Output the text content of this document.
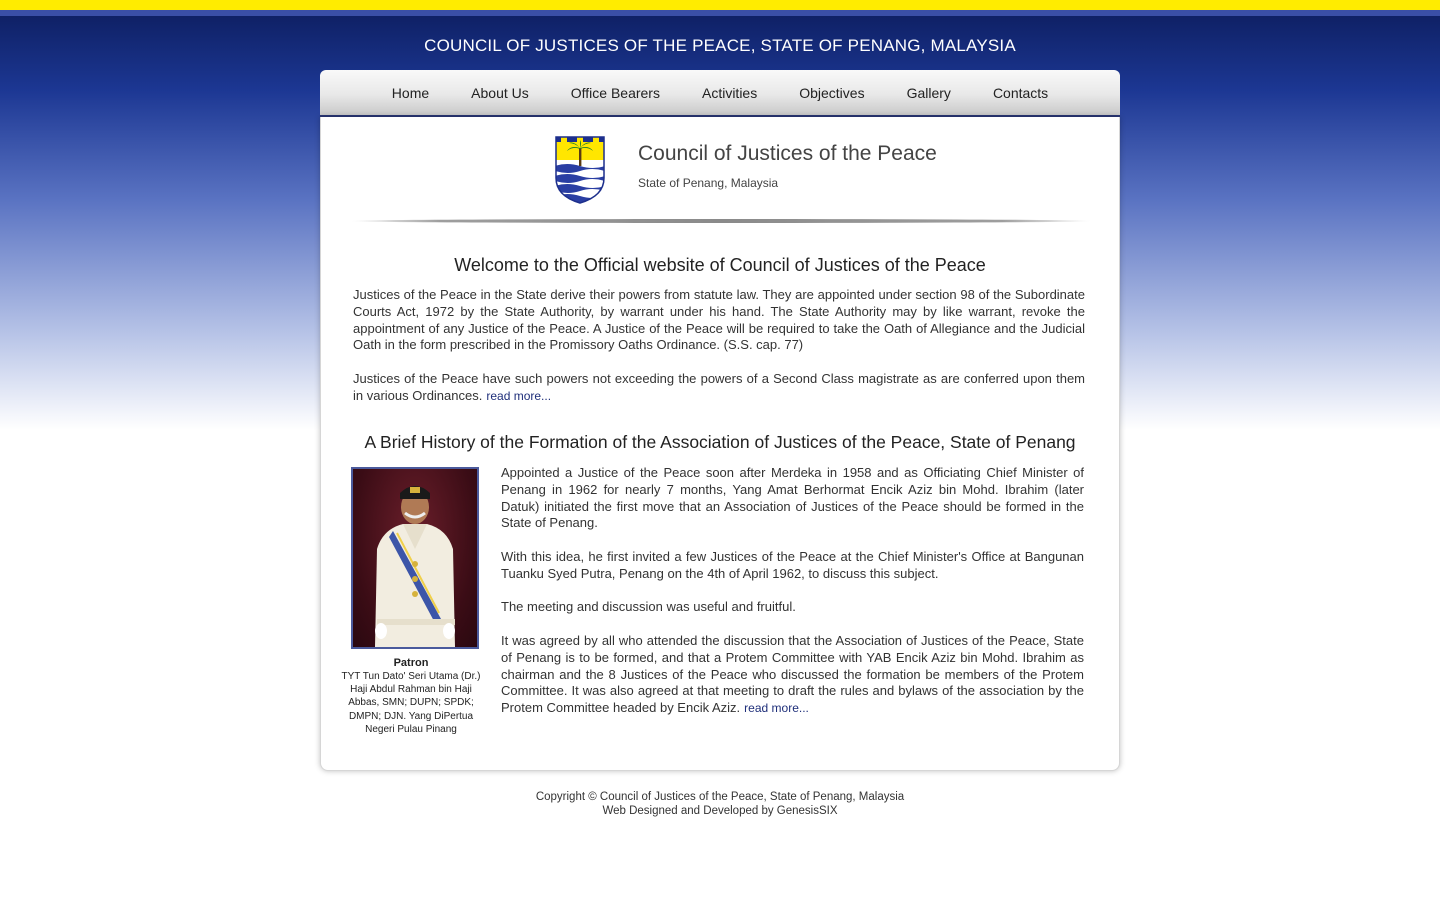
COUNCIL OF JUSTICES OF THE PEACE, STATE OF PENANG, MALAYSIA
Home	About Us	Office Bearers	Activities	Objectives	Gallery	Contacts
Council of Justices of the Peace
State of Penang, Malaysia
Welcome to the Official website of Council of Justices of the Peace

Justices of the Peace in the State derive their powers from statute law. They are appointed under section 98 of the Subordinate Courts Act, 1972 by the State Authority, by warrant under his hand. The State Authority may by like warrant, revoke the appointment of any Justice of the Peace. A Justice of the Peace will be required to take the Oath of Allegiance and the Judicial Oath in the form prescribed in the Promissory Oaths Ordinance. (S.S. cap. 77)

Justices of the Peace have such powers not exceeding the powers of a Second Class magistrate as are conferred upon them in various Ordinances. read more...

A Brief History of the Formation of the Association of Justices of the Peace, State of Penang
Patron
TYT Tun Dato' Seri Utama (Dr.) Haji Abdul Rahman bin Haji Abbas, SMN; DUPN; SPDK; DMPN; DJN. Yang DiPertua Negeri Pulau Pinang

Appointed a Justice of the Peace soon after Merdeka in 1958 and as Officiating Chief Minister of Penang in 1962 for nearly 7 months, Yang Amat Berhormat Encik Aziz bin Mohd. Ibrahim (later Datuk) initiated the first move that an Association of Justices of the Peace should be formed in the State of Penang.

With this idea, he first invited a few Justices of the Peace at the Chief Minister's Office at Bangunan Tuanku Syed Putra, Penang on the 4th of April 1962, to discuss this subject.

The meeting and discussion was useful and fruitful.

It was agreed by all who attended the discussion that the Association of Justices of the Peace, State of Penang is to be formed, and that a Protem Committee with YAB Encik Aziz bin Mohd. Ibrahim as chairman and the 8 Justices of the Peace who discussed the formation be members of the Protem Committee. It was also agreed at that meeting to draft the rules and bylaws of the association by the Protem Committee headed by Encik Aziz. read more...

Copyright © Council of Justices of the Peace, State of Penang, Malaysia
Web Designed and Developed by GenesisSIX
